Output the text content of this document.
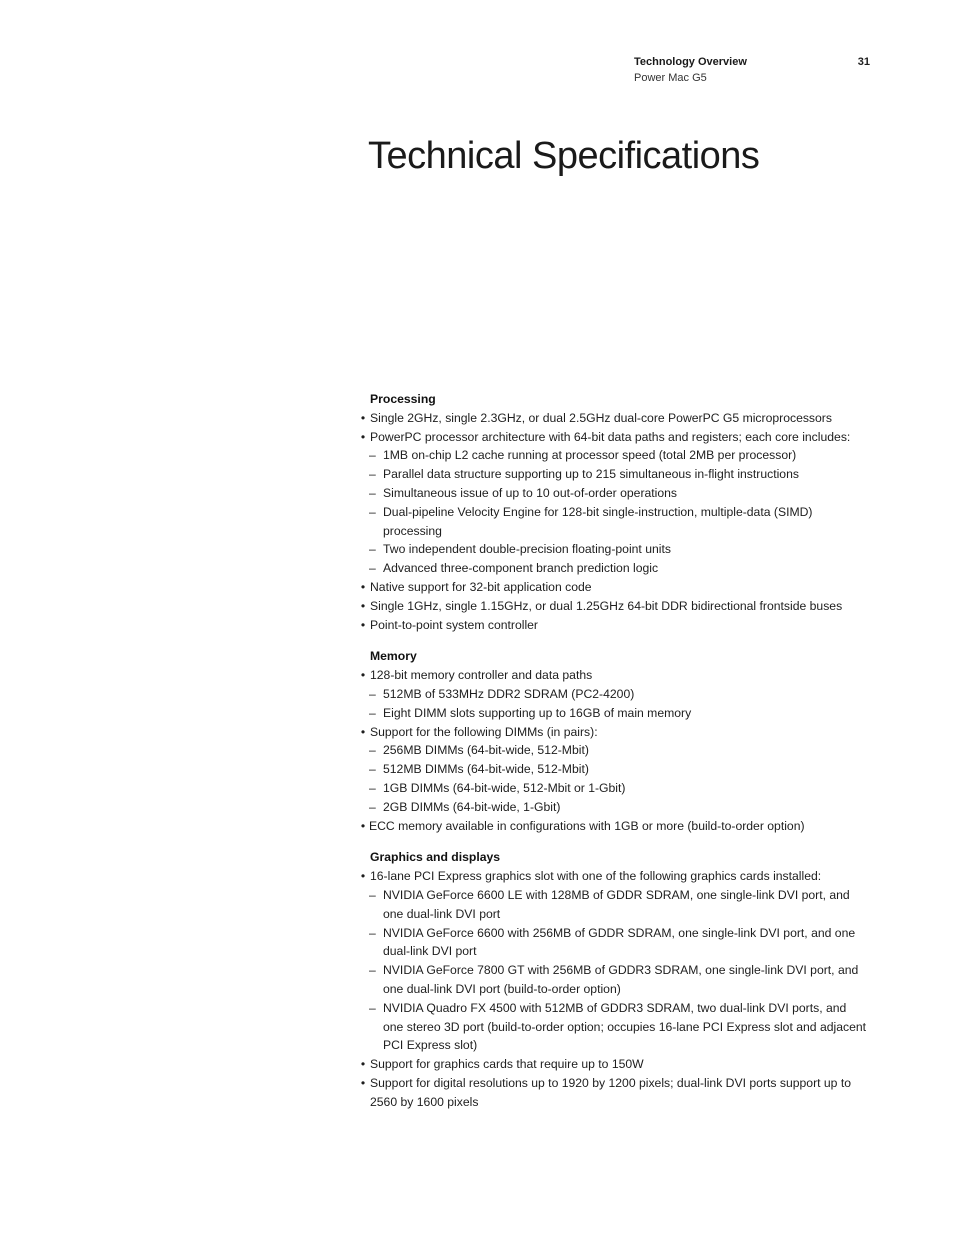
Technology Overview
Power Mac G5
31
Technical Specifications
Processing
• Single 2GHz, single 2.3GHz, or dual 2.5GHz dual-core PowerPC G5 microprocessors
• PowerPC processor architecture with 64-bit data paths and registers; each core includes:
– 1MB on-chip L2 cache running at processor speed (total 2MB per processor)
– Parallel data structure supporting up to 215 simultaneous in-flight instructions
– Simultaneous issue of up to 10 out-of-order operations
– Dual-pipeline Velocity Engine for 128-bit single-instruction, multiple-data (SIMD) processing
– Two independent double-precision floating-point units
– Advanced three-component branch prediction logic
• Native support for 32-bit application code
• Single 1GHz, single 1.15GHz, or dual 1.25GHz 64-bit DDR bidirectional frontside buses
• Point-to-point system controller
Memory
• 128-bit memory controller and data paths
– 512MB of 533MHz DDR2 SDRAM (PC2-4200)
– Eight DIMM slots supporting up to 16GB of main memory
• Support for the following DIMMs (in pairs):
– 256MB DIMMs (64-bit-wide, 512-Mbit)
– 512MB DIMMs (64-bit-wide, 512-Mbit)
– 1GB DIMMs (64-bit-wide, 512-Mbit or 1-Gbit)
– 2GB DIMMs (64-bit-wide, 1-Gbit)
• ECC memory available in configurations with 1GB or more (build-to-order option)
Graphics and displays
• 16-lane PCI Express graphics slot with one of the following graphics cards installed:
– NVIDIA GeForce 6600 LE with 128MB of GDDR SDRAM, one single-link DVI port, and one dual-link DVI port
– NVIDIA GeForce 6600 with 256MB of GDDR SDRAM, one single-link DVI port, and one dual-link DVI port
– NVIDIA GeForce 7800 GT with 256MB of GDDR3 SDRAM, one single-link DVI port, and one dual-link DVI port (build-to-order option)
– NVIDIA Quadro FX 4500 with 512MB of GDDR3 SDRAM, two dual-link DVI ports, and one stereo 3D port (build-to-order option; occupies 16-lane PCI Express slot and adjacent PCI Express slot)
• Support for graphics cards that require up to 150W
• Support for digital resolutions up to 1920 by 1200 pixels; dual-link DVI ports support up to 2560 by 1600 pixels
